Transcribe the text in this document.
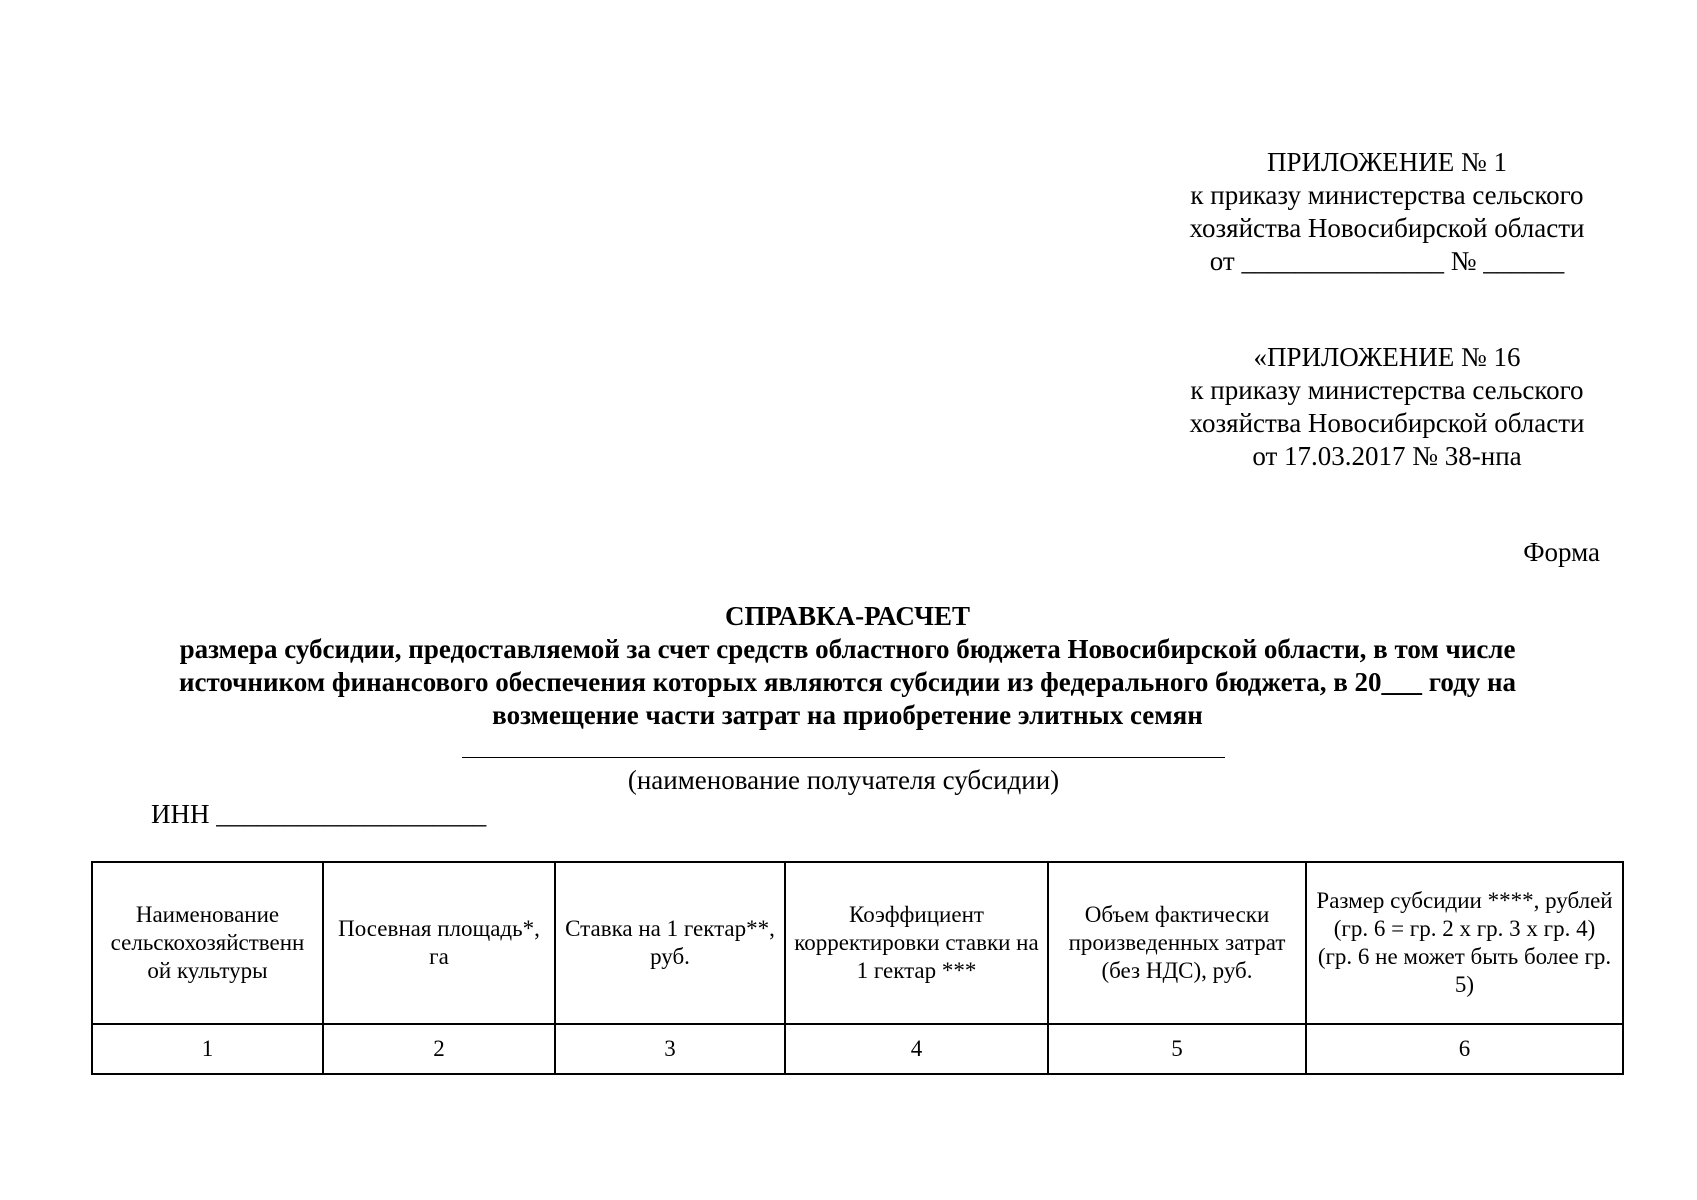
ПРИЛОЖЕНИЕ № 1
к приказу министерства сельского
хозяйства Новосибирской области
от _______________ № ______
«ПРИЛОЖЕНИЕ № 16
к приказу министерства сельского
хозяйства Новосибирской области
от 17.03.2017 № 38-нпа
Форма
СПРАВКА-РАСЧЕТ
размера субсидии, предоставляемой за счет средств областного бюджета Новосибирской области, в том числе
источником финансового обеспечения которых являются субсидии из федерального бюджета, в 20___ году на
возмещение части затрат на приобретение элитных семян
(наименование получателя субсидии)
ИНН ____________________
Наименование сельскохозяйственн ой культуры	Посевная площадь*, га	Ставка на 1 гектар**, руб.	Коэффициент корректировки ставки на 1 гектар ***	Объем фактически произведенных затрат (без НДС), руб.	Размер субсидии ****, рублей (гр. 6 = гр. 2 x гр. 3 x гр. 4) (гр. 6 не может быть более гр. 5)
1	2	3	4	5	6
